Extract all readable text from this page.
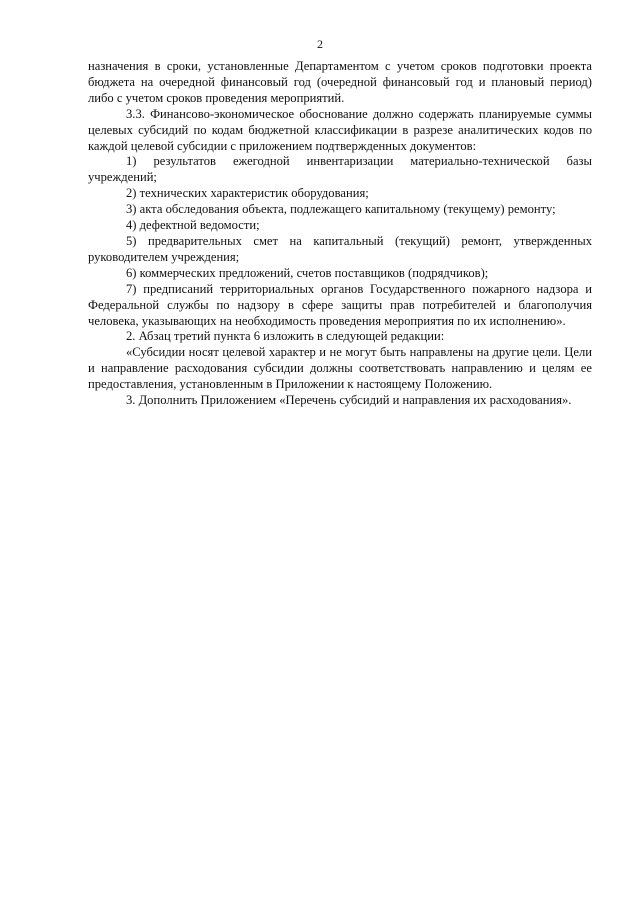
2

назначения в сроки, установленные Департаментом с учетом сроков подготовки проекта бюджета на очередной финансовый год (очередной финансовый год и плановый период) либо с учетом сроков проведения мероприятий.

3.3. Финансово-экономическое обоснование должно содержать планируемые суммы целевых субсидий по кодам бюджетной классификации в разрезе аналитических кодов по каждой целевой субсидии с приложением подтвержденных документов:

1) результатов ежегодной инвентаризации материально-технической базы учреждений;

2) технических характеристик оборудования;

3) акта обследования объекта, подлежащего капитальному (текущему) ремонту;

4) дефектной ведомости;

5) предварительных смет на капитальный (текущий) ремонт, утвержденных руководителем учреждения;

6) коммерческих предложений, счетов поставщиков (подрядчиков);

7) предписаний территориальных органов Государственного пожарного надзора и Федеральной службы по надзору в сфере защиты прав потребителей и благополучия человека, указывающих на необходимость проведения мероприятия по их исполнению».

2. Абзац третий пункта 6 изложить в следующей редакции:

«Субсидии носят целевой характер и не могут быть направлены на другие цели. Цели и направление расходования субсидии должны соответствовать направлению и целям ее предоставления, установленным в Приложении к настоящему Положению.

3. Дополнить Приложением «Перечень субсидий и направления их расходования».
